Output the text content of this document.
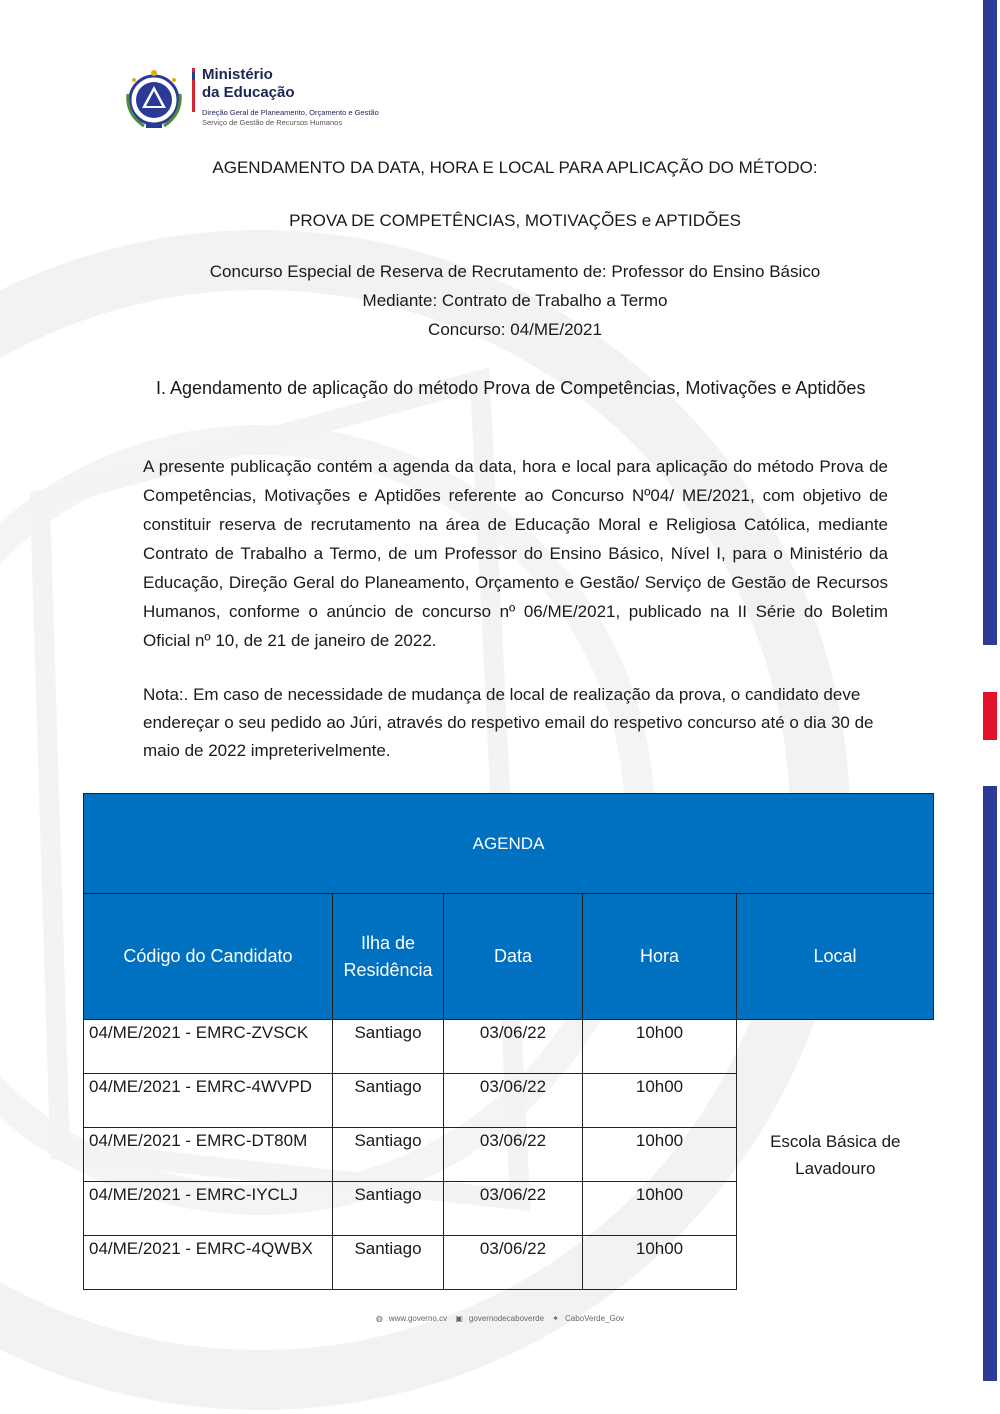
Ministério
da Educação
Direção Geral de Planeamento, Orçamento e Gestão
Serviço de Gestão de Recursos Humanos
AGENDAMENTO DA DATA, HORA E LOCAL PARA APLICAÇÃO DO MÉTODO:
PROVA DE COMPETÊNCIAS, MOTIVAÇÕES e APTIDÕES
Concurso Especial de Reserva de Recrutamento de: Professor do Ensino Básico
Mediante: Contrato de Trabalho a Termo
Concurso: 04/ME/2021
I. Agendamento de aplicação do método Prova de Competências, Motivações e Aptidões

A presente publicação contém a agenda da data, hora e local para aplicação do método Prova de Competências, Motivações e Aptidões referente ao Concurso Nº04/ ME/2021, com objetivo de constituir reserva de recrutamento na área de Educação Moral e Religiosa Católica, mediante Contrato de Trabalho a Termo, de um Professor do Ensino Básico, Nível I, para o Ministério da Educação, Direção Geral do Planeamento, Orçamento e Gestão/ Serviço de Gestão de Recursos Humanos, conforme o anúncio de concurso nº 06/ME/2021, publicado na II Série do Boletim Oficial nº 10, de 21 de janeiro de 2022.

Nota:. Em caso de necessidade de mudança de local de realização da prova, o candidato deve endereçar o seu pedido ao Júri, através do respetivo email do respetivo concurso até o dia 30 de maio de 2022 impreterivelmente.

AGENDA				
Código do Candidato	Ilha de Residência	Data	Hora	Local
04/ME/2021 - EMRC-ZVSCK	Santiago	03/06/22	10h00	Escola Básica de Lavadouro
04/ME/2021 - EMRC-4WVPD	Santiago	03/06/22	10h00	
04/ME/2021 - EMRC-DT80M	Santiago	03/06/22	10h00	
04/ME/2021 - EMRC-IYCLJ	Santiago	03/06/22	10h00	
04/ME/2021 - EMRC-4QWBX	Santiago	03/06/22	10h00	
◍ www.governo.cv ▣ governodecaboverde ✦ CaboVerde_Gov
